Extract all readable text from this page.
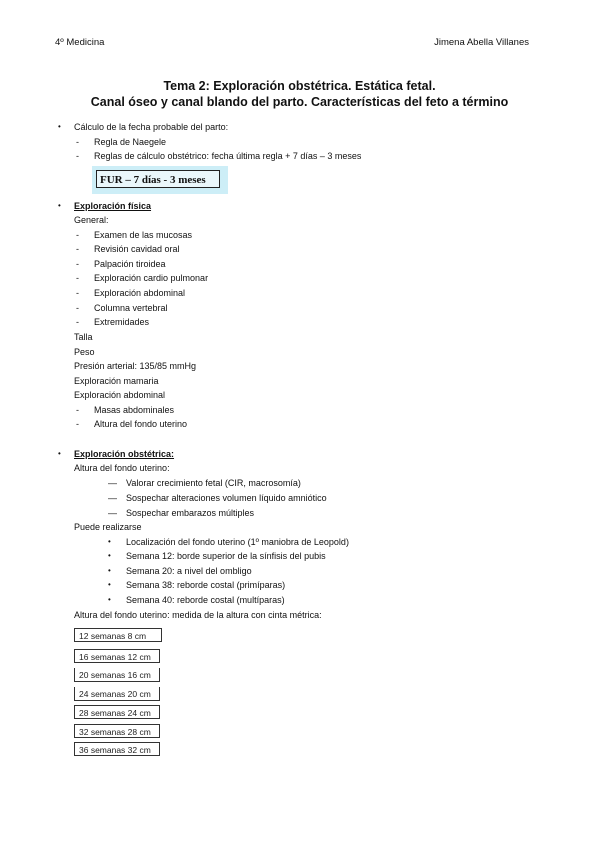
4º Medicina	Jimena Abella Villanes
Tema 2: Exploración obstétrica. Estática fetal.
Canal óseo y canal blando del parto. Características del feto a término
• Cálculo de la fecha probable del parto:
- Regla de Naegele
- Reglas de cálculo obstétrico: fecha última regla + 7 días – 3 meses
FUR – 7 días - 3 meses
• Exploración física
General:
- Examen de las mucosas
- Revisión cavidad oral
- Palpación tiroidea
- Exploración cardio pulmonar
- Exploración abdominal
- Columna vertebral
- Extremidades
Talla
Peso
Presión arterial: 135/85 mmHg
Exploración mamaria
Exploración abdominal
- Masas abdominales
- Altura del fondo uterino
• Exploración obstétrica:
Altura del fondo uterino:
— Valorar crecimiento fetal (CIR, macrosomía)
— Sospechar alteraciones volumen líquido amniótico
— Sospechar embarazos múltiples
Puede realizarse
• Localización del fondo uterino (1º maniobra de Leopold)
• Semana 12: borde superior de la sínfisis del pubis
• Semana 20: a nivel del ombligo
• Semana 38: reborde costal (primíparas)
• Semana 40: reborde costal (multíparas)
Altura del fondo uterino: medida de la altura con cinta métrica:
12 semanas 8 cm
16 semanas 12 cm
20 semanas 16 cm
24 semanas 20 cm
28 semanas 24 cm
32 semanas 28 cm
36 semanas 32 cm
